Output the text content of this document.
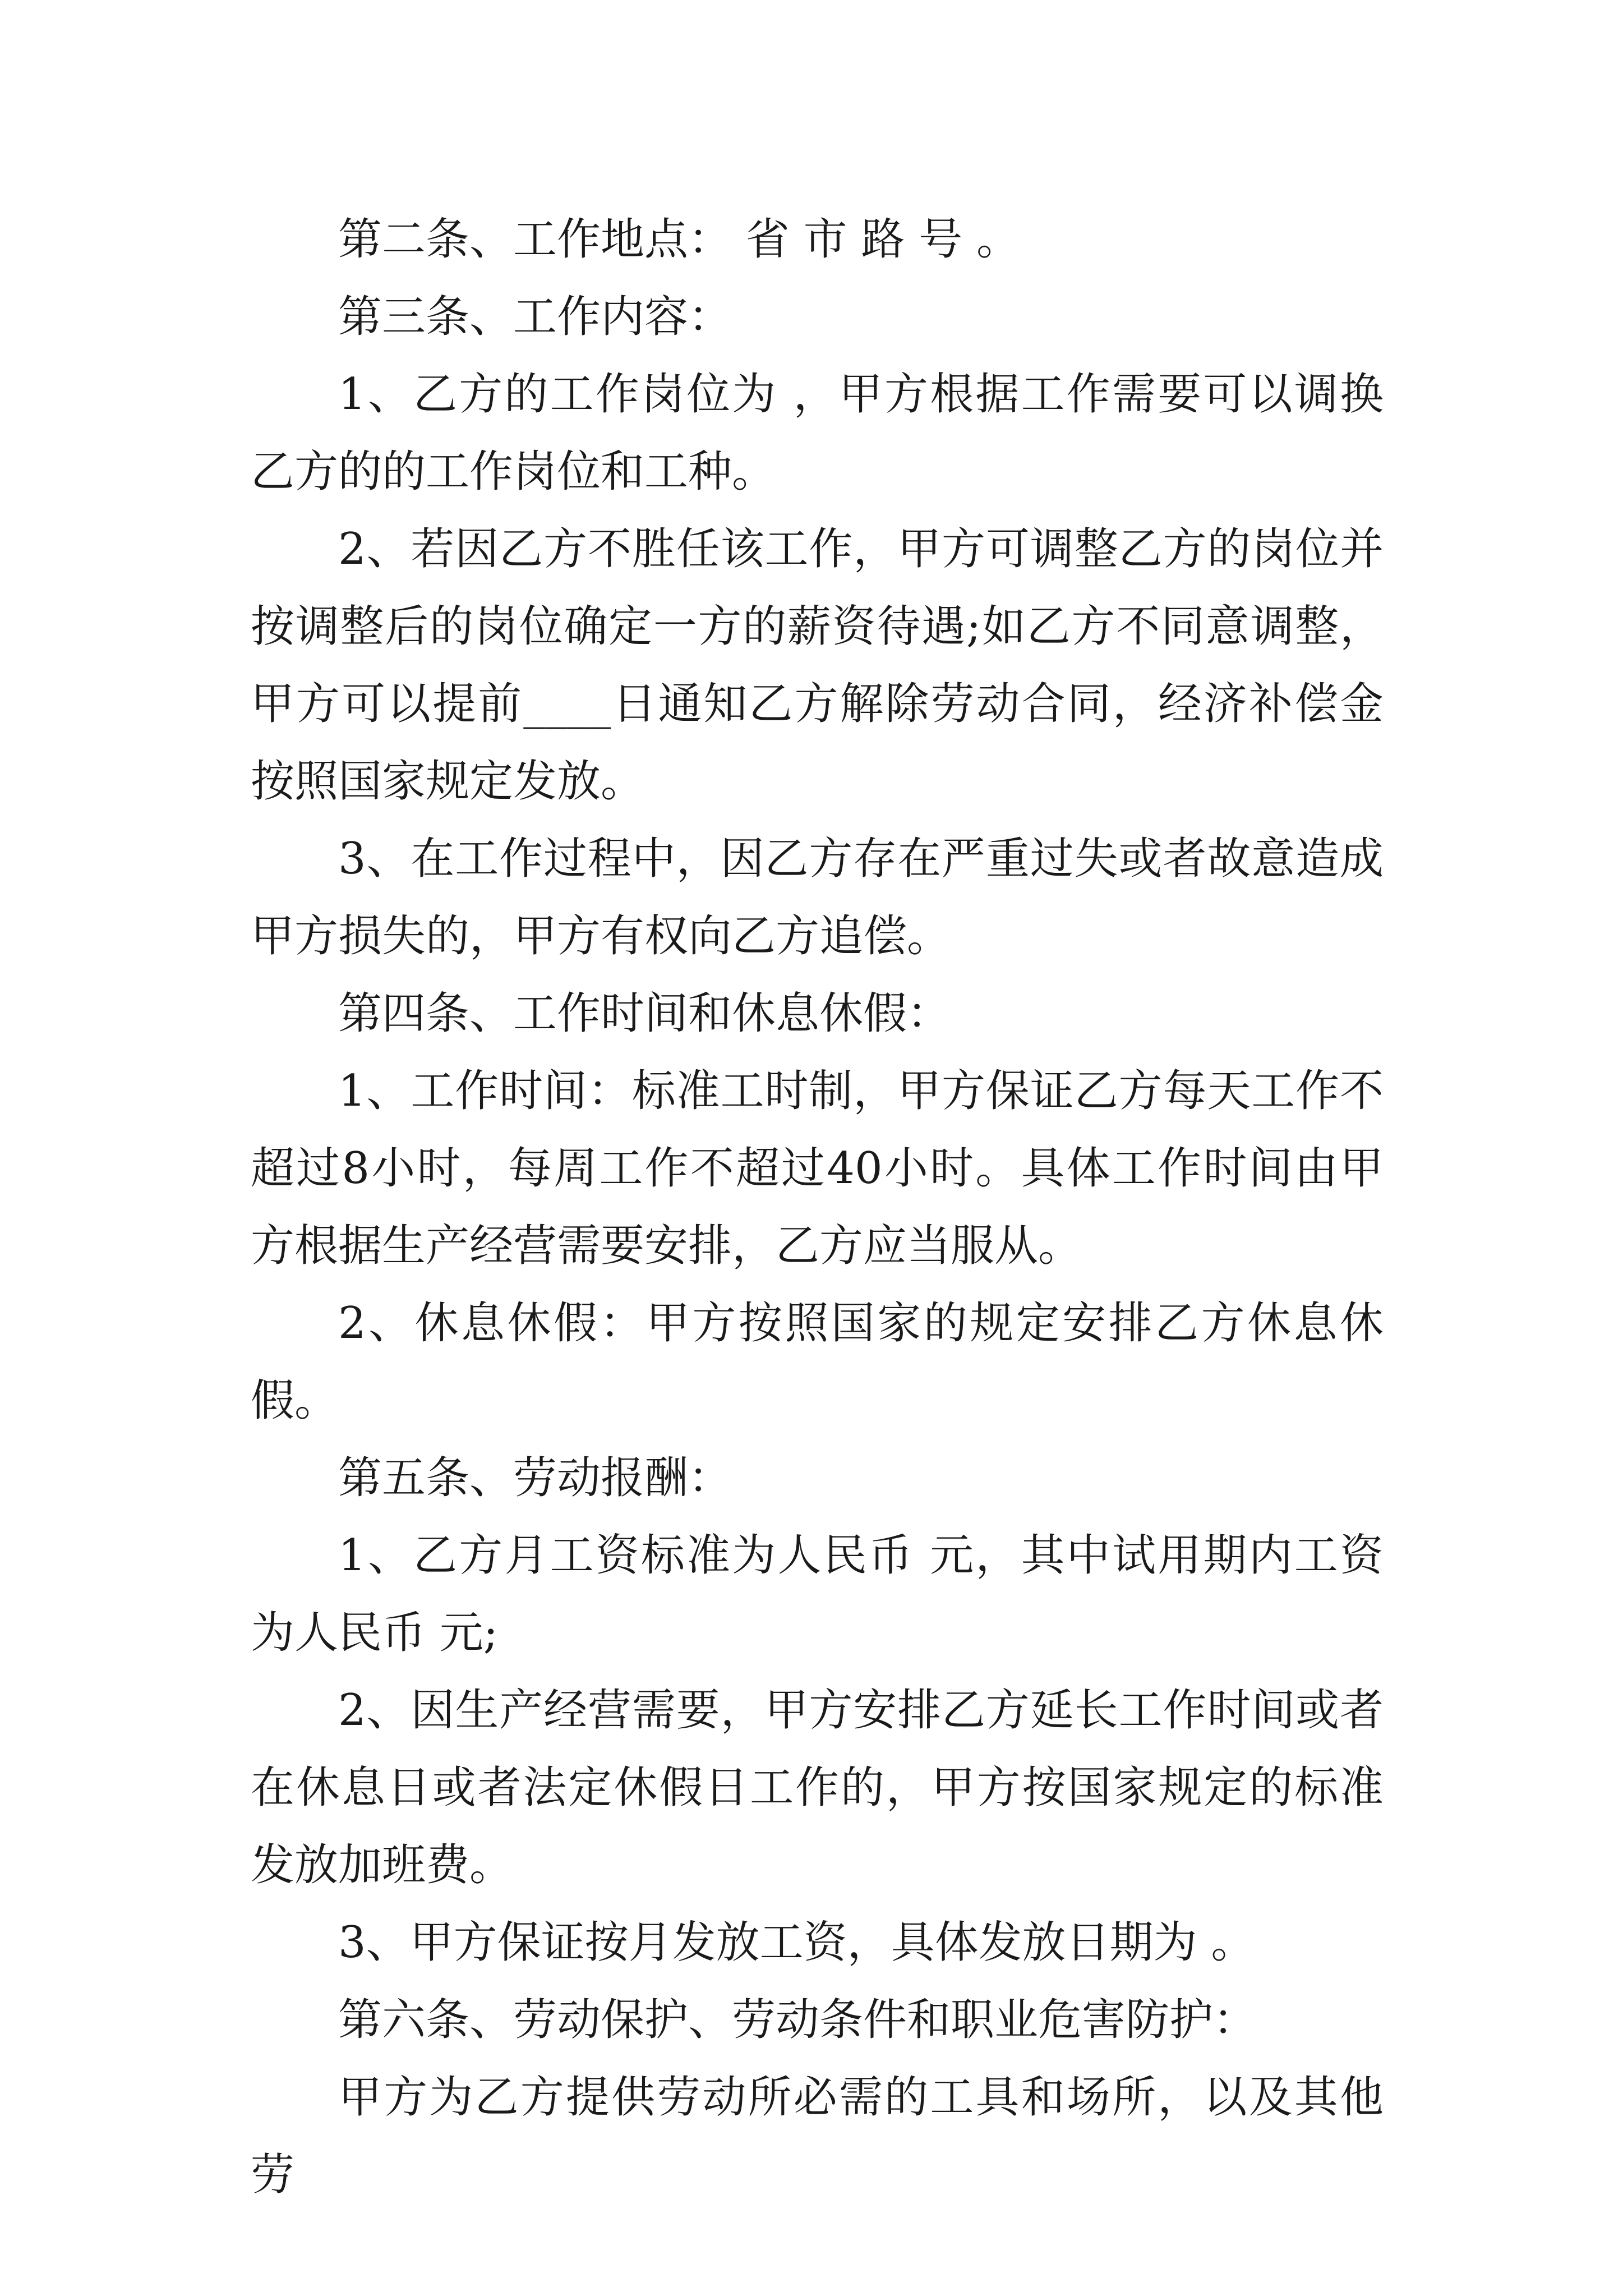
第二条、工作地点： 省 市 路 号 。

第三条、工作内容：

1、乙方的工作岗位为 ，甲方根据工作需要可以调换乙方的的工作岗位和工种。

2、若因乙方不胜任该工作，甲方可调整乙方的岗位并按调整后的岗位确定一方的薪资待遇;如乙方不同意调整，甲方可以提前____日通知乙方解除劳动合同，经济补偿金按照国家规定发放。

3、在工作过程中，因乙方存在严重过失或者故意造成甲方损失的，甲方有权向乙方追偿。

第四条、工作时间和休息休假：

1、工作时间：标准工时制，甲方保证乙方每天工作不超过8小时，每周工作不超过40小时。具体工作时间由甲方根据生产经营需要安排，乙方应当服从。

2、休息休假：甲方按照国家的规定安排乙方休息休假。

第五条、劳动报酬：

1、乙方月工资标准为人民币 元，其中试用期内工资为人民币 元;

2、因生产经营需要，甲方安排乙方延长工作时间或者在休息日或者法定休假日工作的，甲方按国家规定的标准发放加班费。

3、甲方保证按月发放工资，具体发放日期为 。

第六条、劳动保护、劳动条件和职业危害防护：

甲方为乙方提供劳动所必需的工具和场所，以及其他劳
